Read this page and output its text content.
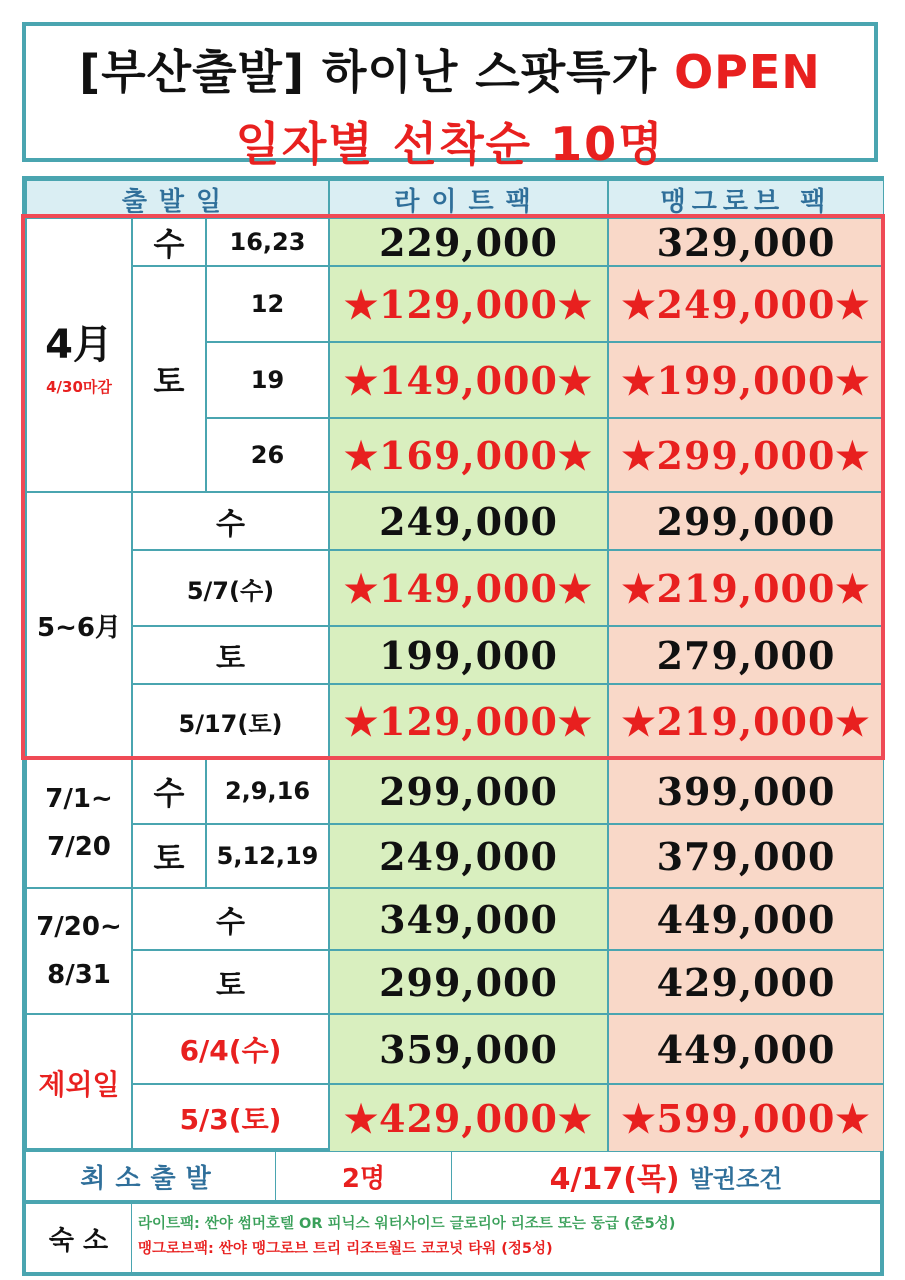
[부산출발] 하이난 스팟특가 OPEN
일자별 선착순 10명
출발일	라이트팩	맹그로브 팩
4月
4/30마감
수	16,23	229,000	329,000
토
12	★129,000★ ★249,000★
19	★149,000★ ★199,000★
26	★169,000★ ★299,000★
5~6月
수	249,000	299,000
5/7(수)	★149,000★ ★219,000★
토	199,000	279,000
5/17(토)	★129,000★ ★219,000★
7/1~
7/20
수	2,9,16	299,000	399,000
토	5,12,19	249,000	379,000
7/20~
8/31
수	349,000	449,000
토	299,000	429,000
제외일
6/4(수)	359,000	449,000
5/3(토)	★429,000★ ★599,000★
최소출발	2명	4/17(목) 발권조건
숙 소
라이트팩: 싼야 썸머호텔 OR 피닉스 워터사이드 글로리아 리조트 또는 동급 (준5성)
맹그로브팩: 싼야 맹그로브 트리 리조트월드 코코넛 타워 (정5성)
